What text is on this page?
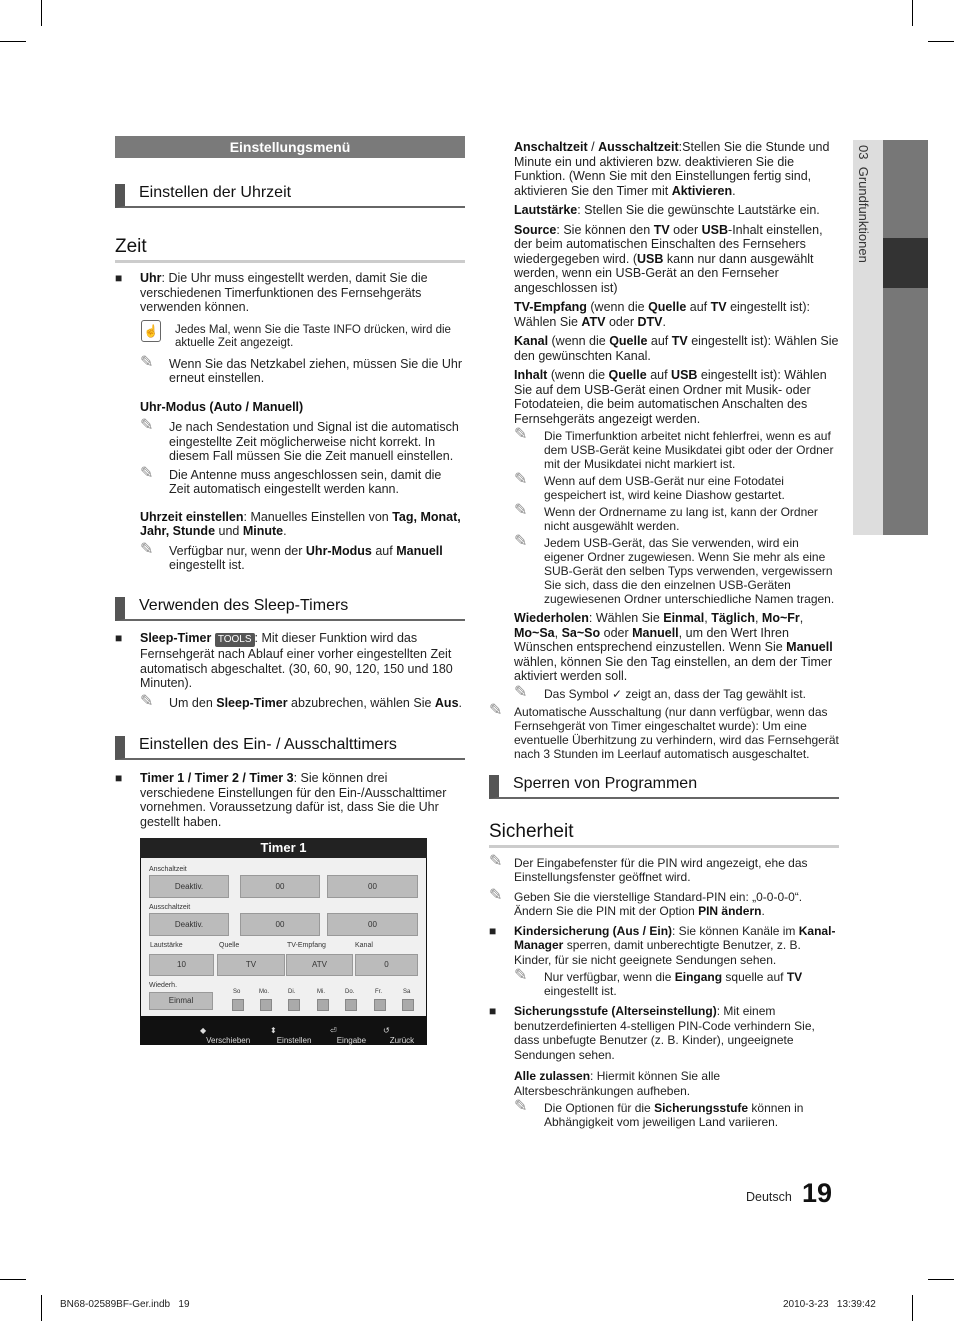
03  Grundfunktionen
Einstellungsmenü
Einstellen der Uhrzeit
Zeit
■ Uhr: Die Uhr muss eingestellt werden, damit Sie die verschiedenen Timerfunktionen des Fernsehgeräts verwenden können.
☝ Jedes Mal, wenn Sie die Taste INFO drücken, wird die aktuelle Zeit angezeigt.
✎ Wenn Sie das Netzkabel ziehen, müssen Sie die Uhr erneut einstellen.

Uhr-Modus (Auto / Manuell)

✎ Je nach Sendestation und Signal ist die automatisch eingestellte Zeit möglicherweise nicht korrekt. In diesem Fall müssen Sie die Zeit manuell einstellen.
✎ Die Antenne muss angeschlossen sein, damit die Zeit automatisch eingestellt werden kann.

Uhrzeit einstellen: Manuelles Einstellen von Tag, Monat, Jahr, Stunde und Minute.

✎ Verfügbar nur, wenn der Uhr-Modus auf Manuell eingestellt ist.
Verwenden des Sleep-Timers
■ Sleep-Timer TOOLS : Mit dieser Funktion wird das Fernsehgerät nach Ablauf einer vorher eingestellten Zeit automatisch abgeschaltet. (30, 60, 90, 120, 150 und 180 Minuten).
✎ Um den Sleep-Timer abzubrechen, wählen Sie Aus.
Einstellen des Ein- / Ausschalttimers
■ Timer 1 / Timer 2 / Timer 3: Sie können drei verschiedene Einstellungen für den Ein-/Ausschalttimer vornehmen. Voraussetzung dafür ist, dass Sie die Uhr gestellt haben.
Timer 1
Anschaltzeit
Deaktiv.	00	00
Ausschaltzeit
Deaktiv.	00	00
Lautstärke	Quelle	TV-Empfang	Kanal
10	TV	ATV	0
Wiederh.
Einmal
So	Mo.	Di.	Mi.	Do.	Fr.	Sa
◆
Verschieben
⬍
Einstellen
⏎
Eingabe
↺
Zurück

Anschaltzeit / Ausschaltzeit:Stellen Sie die Stunde und Minute ein und aktivieren bzw. deaktivieren Sie die Funktion. (Wenn Sie mit den Einstellungen fertig sind, aktivieren Sie den Timer mit Aktivieren.

Lautstärke: Stellen Sie die gewünschte Lautstärke ein.

Source: Sie können den TV oder USB-Inhalt einstellen, der beim automatischen Einschalten des Fernsehers wiedergegeben wird. (USB kann nur dann ausgewählt werden, wenn ein USB-Gerät an den Fernseher angeschlossen ist)

TV-Empfang (wenn die Quelle auf TV eingestellt ist): Wählen Sie ATV oder DTV.

Kanal (wenn die Quelle auf TV eingestellt ist): Wählen Sie den gewünschten Kanal.

Inhalt (wenn die Quelle auf USB eingestellt ist): Wählen Sie auf dem USB-Gerät einen Ordner mit Musik- oder Fotodateien, die beim automatischen Anschalten des Fernsehgeräts angezeigt werden.

✎ Die Timerfunktion arbeitet nicht fehlerfrei, wenn es auf dem USB-Gerät keine Musikdatei gibt oder der Ordner mit der Musikdatei nicht markiert ist.
✎ Wenn auf dem USB-Gerät nur eine Fotodatei gespeichert ist, wird keine Diashow gestartet.
✎ Wenn der Ordnername zu lang ist, kann der Ordner nicht ausgewählt werden.
✎ Jedem USB-Gerät, das Sie verwenden, wird ein eigener Ordner zugewiesen. Wenn Sie mehr als eine SUB-Gerät den selben Typs verwenden, vergewissern Sie sich, dass die den einzelnen USB-Geräten zugewiesenen Ordner unterschiedliche Namen tragen.

Wiederholen: Wählen Sie Einmal, Täglich, Mo~Fr, Mo~Sa, Sa~So oder Manuell, um den Wert Ihren Wünschen entsprechend einzustellen. Wenn Sie Manuell wählen, können Sie den Tag einstellen, an dem der Timer aktiviert werden soll.

✎ Das Symbol ✓ zeigt an, dass der Tag gewählt ist.
✎ Automatische Ausschaltung (nur dann verfügbar, wenn das Fernsehgerät von Timer eingeschaltet wurde): Um eine eventuelle Überhitzung zu verhindern, wird das Fernsehgerät nach 3 Stunden im Leerlauf automatisch ausgeschaltet.
Sperren von Programmen
Sicherheit
✎ Der Eingabefenster für die PIN wird angezeigt, ehe das Einstellungsfenster geöffnet wird.
✎ Geben Sie die vierstellige Standard-PIN ein: „0-0-0-0“. Ändern Sie die PIN mit der Option PIN ändern.
■ Kindersicherung (Aus / Ein): Sie können Kanäle im Kanal-Manager sperren, damit unberechtigte Benutzer, z. B. Kinder, für sie nicht geeignete Sendungen sehen.
✎ Nur verfügbar, wenn die Eingang squelle auf TV eingestellt ist.
■ Sicherungsstufe (Alterseinstellung): Mit einem benutzerdefinierten 4-stelligen PIN-Code verhindern Sie, dass unbefugte Benutzer (z. B. Kinder), ungeeignete Sendungen sehen.

Alle zulassen: Hiermit können Sie alle Altersbeschränkungen aufheben.

✎ Die Optionen für die Sicherungsstufe können in Abhängigkeit vom jeweiligen Land variieren.
Deutsch 19
BN68-02589BF-Ger.indb   19	2010-3-23   13:39:42
